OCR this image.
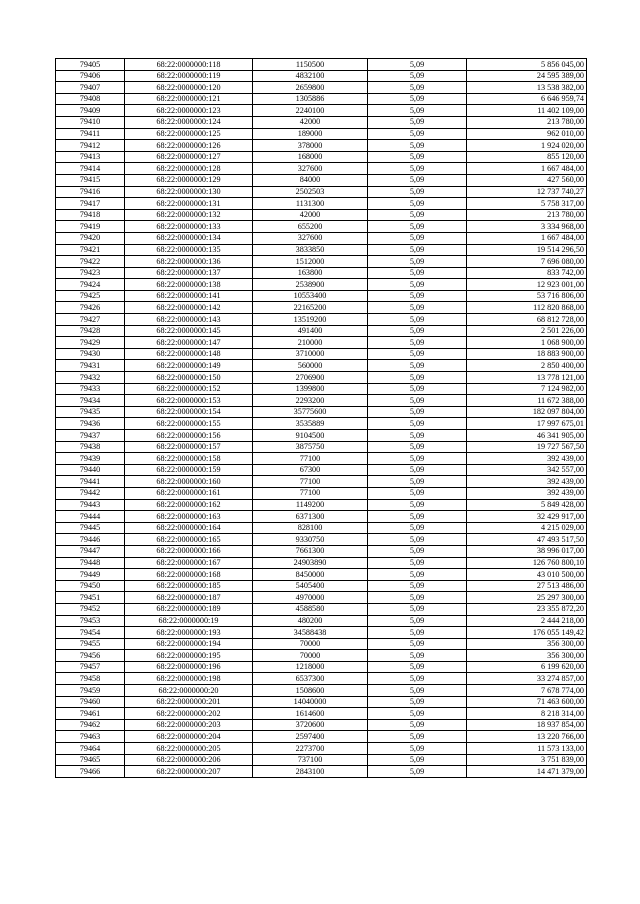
79405	68:22:0000000:118	1150500	5,09	5 856 045,00
79406	68:22:0000000:119	4832100	5,09	24 595 389,00
79407	68:22:0000000:120	2659800	5,09	13 538 382,00
79408	68:22:0000000:121	1305886	5,09	6 646 959,74
79409	68:22:0000000:123	2240100	5,09	11 402 109,00
79410	68:22:0000000:124	42000	5,09	213 780,00
79411	68:22:0000000:125	189000	5,09	962 010,00
79412	68:22:0000000:126	378000	5,09	1 924 020,00
79413	68:22:0000000:127	168000	5,09	855 120,00
79414	68:22:0000000:128	327600	5,09	1 667 484,00
79415	68:22:0000000:129	84000	5,09	427 560,00
79416	68:22:0000000:130	2502503	5,09	12 737 740,27
79417	68:22:0000000:131	1131300	5,09	5 758 317,00
79418	68:22:0000000:132	42000	5,09	213 780,00
79419	68:22:0000000:133	655200	5,09	3 334 968,00
79420	68:22:0000000:134	327600	5,09	1 667 484,00
79421	68:22:0000000:135	3833850	5,09	19 514 296,50
79422	68:22:0000000:136	1512000	5,09	7 696 080,00
79423	68:22:0000000:137	163800	5,09	833 742,00
79424	68:22:0000000:138	2538900	5,09	12 923 001,00
79425	68:22:0000000:141	10553400	5,09	53 716 806,00
79426	68:22:0000000:142	22165200	5,09	112 820 868,00
79427	68:22:0000000:143	13519200	5,09	68 812 728,00
79428	68:22:0000000:145	491400	5,09	2 501 226,00
79429	68:22:0000000:147	210000	5,09	1 068 900,00
79430	68:22:0000000:148	3710000	5,09	18 883 900,00
79431	68:22:0000000:149	560000	5,09	2 850 400,00
79432	68:22:0000000:150	2706900	5,09	13 778 121,00
79433	68:22:0000000:152	1399800	5,09	7 124 982,00
79434	68:22:0000000:153	2293200	5,09	11 672 388,00
79435	68:22:0000000:154	35775600	5,09	182 097 804,00
79436	68:22:0000000:155	3535889	5,09	17 997 675,01
79437	68:22:0000000:156	9104500	5,09	46 341 905,00
79438	68:22:0000000:157	3875750	5,09	19 727 567,50
79439	68:22:0000000:158	77100	5,09	392 439,00
79440	68:22:0000000:159	67300	5,09	342 557,00
79441	68:22:0000000:160	77100	5,09	392 439,00
79442	68:22:0000000:161	77100	5,09	392 439,00
79443	68:22:0000000:162	1149200	5,09	5 849 428,00
79444	68:22:0000000:163	6371300	5,09	32 429 917,00
79445	68:22:0000000:164	828100	5,09	4 215 029,00
79446	68:22:0000000:165	9330750	5,09	47 493 517,50
79447	68:22:0000000:166	7661300	5,09	38 996 017,00
79448	68:22:0000000:167	24903890	5,09	126 760 800,10
79449	68:22:0000000:168	8450000	5,09	43 010 500,00
79450	68:22:0000000:185	5405400	5,09	27 513 486,00
79451	68:22:0000000:187	4970000	5,09	25 297 300,00
79452	68:22:0000000:189	4588580	5,09	23 355 872,20
79453	68:22:0000000:19	480200	5,09	2 444 218,00
79454	68:22:0000000:193	34588438	5,09	176 055 149,42
79455	68:22:0000000:194	70000	5,09	356 300,00
79456	68:22:0000000:195	70000	5,09	356 300,00
79457	68:22:0000000:196	1218000	5,09	6 199 620,00
79458	68:22:0000000:198	6537300	5,09	33 274 857,00
79459	68:22:0000000:20	1508600	5,09	7 678 774,00
79460	68:22:0000000:201	14040000	5,09	71 463 600,00
79461	68:22:0000000:202	1614600	5,09	8 218 314,00
79462	68:22:0000000:203	3720600	5,09	18 937 854,00
79463	68:22:0000000:204	2597400	5,09	13 220 766,00
79464	68:22:0000000:205	2273700	5,09	11 573 133,00
79465	68:22:0000000:206	737100	5,09	3 751 839,00
79466	68:22:0000000:207	2843100	5,09	14 471 379,00
